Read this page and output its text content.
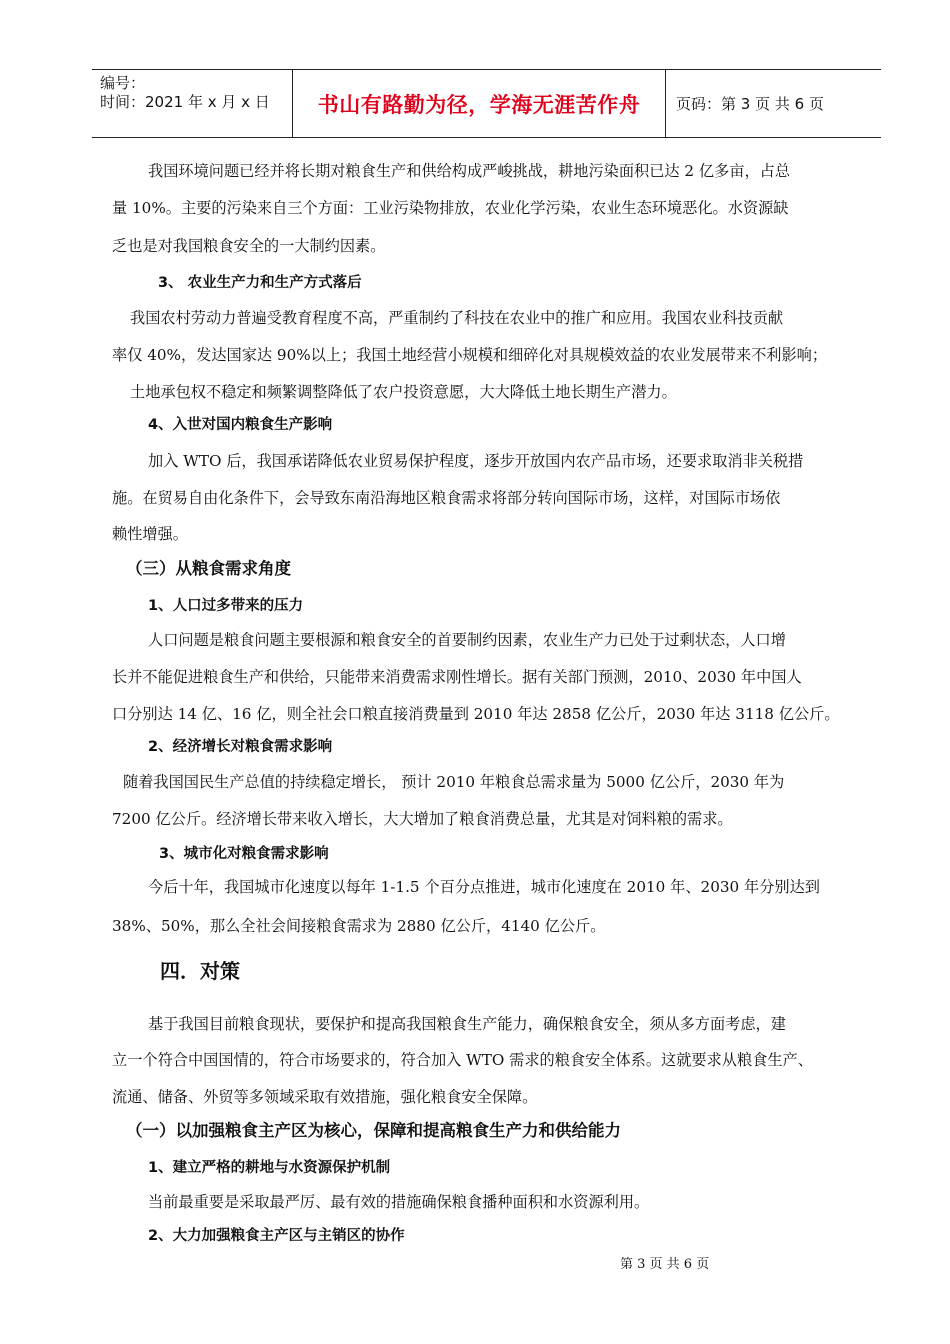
编号：
时间：2021 年 x 月 x 日	书山有路勤为径，学海无涯苦作舟	页码：第 3 页 共 6 页
我国环境问题已经并将长期对粮食生产和供给构成严峻挑战，耕地污染面积已达 2 亿多亩，占总
量 10%。主要的污染来自三个方面：工业污染物排放，农业化学污染，农业生态环境恶化。水资源缺
乏也是对我国粮食安全的一大制约因素。
3、 农业生产力和生产方式落后
我国农村劳动力普遍受教育程度不高，严重制约了科技在农业中的推广和应用。我国农业科技贡献
率仅 40%，发达国家达 90%以上；我国土地经营小规模和细碎化对具规模效益的农业发展带来不利影响；
土地承包权不稳定和频繁调整降低了农户投资意愿，大大降低土地长期生产潜力。
4、入世对国内粮食生产影响
加入 WTO 后，我国承诺降低农业贸易保护程度，逐步开放国内农产品市场，还要求取消非关税措
施。在贸易自由化条件下，会导致东南沿海地区粮食需求将部分转向国际市场，这样，对国际市场依
赖性增强。
（三）从粮食需求角度
1、人口过多带来的压力
人口问题是粮食问题主要根源和粮食安全的首要制约因素，农业生产力已处于过剩状态，人口增
长并不能促进粮食生产和供给，只能带来消费需求刚性增长。据有关部门预测，2010、2030 年中国人
口分别达 14 亿、16 亿，则全社会口粮直接消费量到 2010 年达 2858 亿公斤，2030 年达 3118 亿公斤。
2、经济增长对粮食需求影响
随着我国国民生产总值的持续稳定增长， 预计 2010 年粮食总需求量为 5000 亿公斤，2030 年为
7200 亿公斤。经济增长带来收入增长，大大增加了粮食消费总量，尤其是对饲料粮的需求。
3、城市化对粮食需求影响
今后十年，我国城市化速度以每年 1-1.5 个百分点推进，城市化速度在 2010 年、2030 年分别达到
38%、50%，那么全社会间接粮食需求为 2880 亿公斤，4140 亿公斤。
四．对策
基于我国目前粮食现状，要保护和提高我国粮食生产能力，确保粮食安全，须从多方面考虑，建
立一个符合中国国情的，符合市场要求的，符合加入 WTO 需求的粮食安全体系。这就要求从粮食生产、
流通、储备、外贸等多领域采取有效措施，强化粮食安全保障。
（一）以加强粮食主产区为核心，保障和提高粮食生产力和供给能力
1、建立严格的耕地与水资源保护机制
当前最重要是采取最严厉、最有效的措施确保粮食播种面积和水资源利用。
2、大力加强粮食主产区与主销区的协作
第 3 页 共 6 页
